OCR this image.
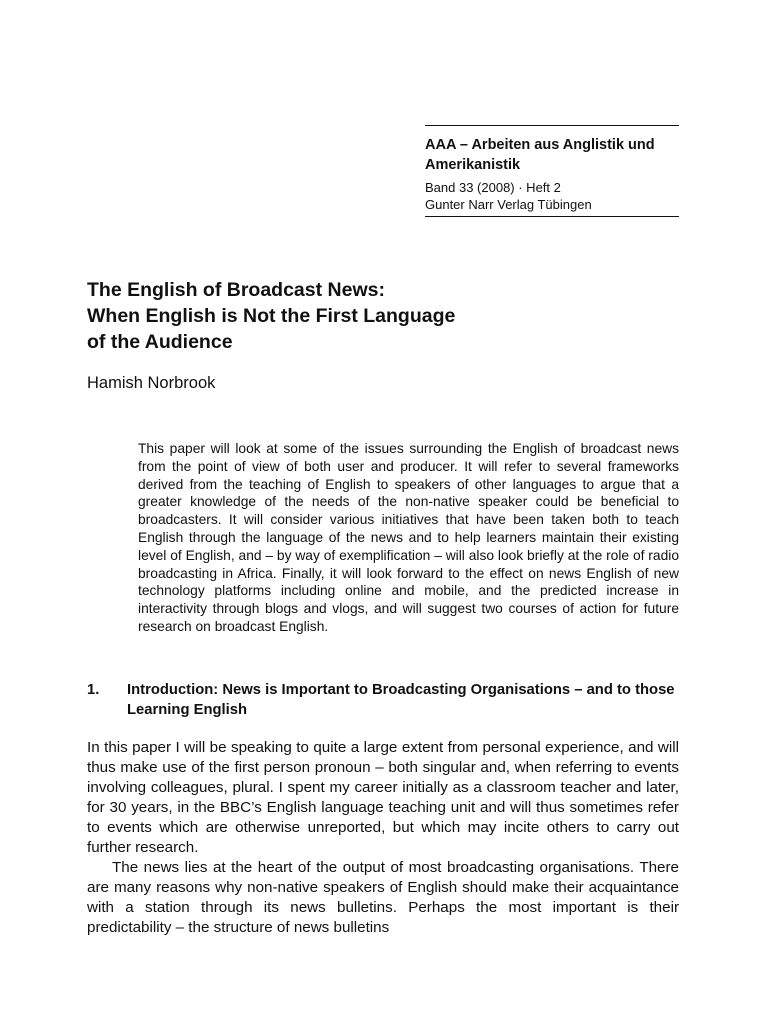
AAA – Arbeiten aus Anglistik und Amerikanistik
Band 33 (2008) · Heft 2
Gunter Narr Verlag Tübingen
The English of Broadcast News:
When English is Not the First Language
of the Audience

Hamish Norbrook

This paper will look at some of the issues surrounding the English of broadcast news from the point of view of both user and producer. It will refer to several frameworks derived from the teaching of English to speakers of other languages to argue that a greater knowledge of the needs of the non-native speaker could be beneficial to broadcasters. It will consider various initiatives that have been taken both to teach English through the language of the news and to help learners maintain their existing level of English, and – by way of exemplification – will also look briefly at the role of radio broadcasting in Africa. Finally, it will look forward to the effect on news English of new technology platforms including online and mobile, and the predicted increase in interactivity through blogs and vlogs, and will suggest two courses of action for future research on broadcast English.

1.	Introduction: News is Important to Broadcasting Organisations – and to those Learning English

In this paper I will be speaking to quite a large extent from personal experience, and will thus make use of the first person pronoun – both singular and, when referring to events involving colleagues, plural. I spent my career initially as a classroom teacher and later, for 30 years, in the BBC’s English language teaching unit and will thus sometimes refer to events which are otherwise unreported, but which may incite others to carry out further research.

The news lies at the heart of the output of most broadcasting organisations. There are many reasons why non-native speakers of English should make their acquaintance with a station through its news bulletins. Perhaps the most important is their predictability – the structure of news bulletins
